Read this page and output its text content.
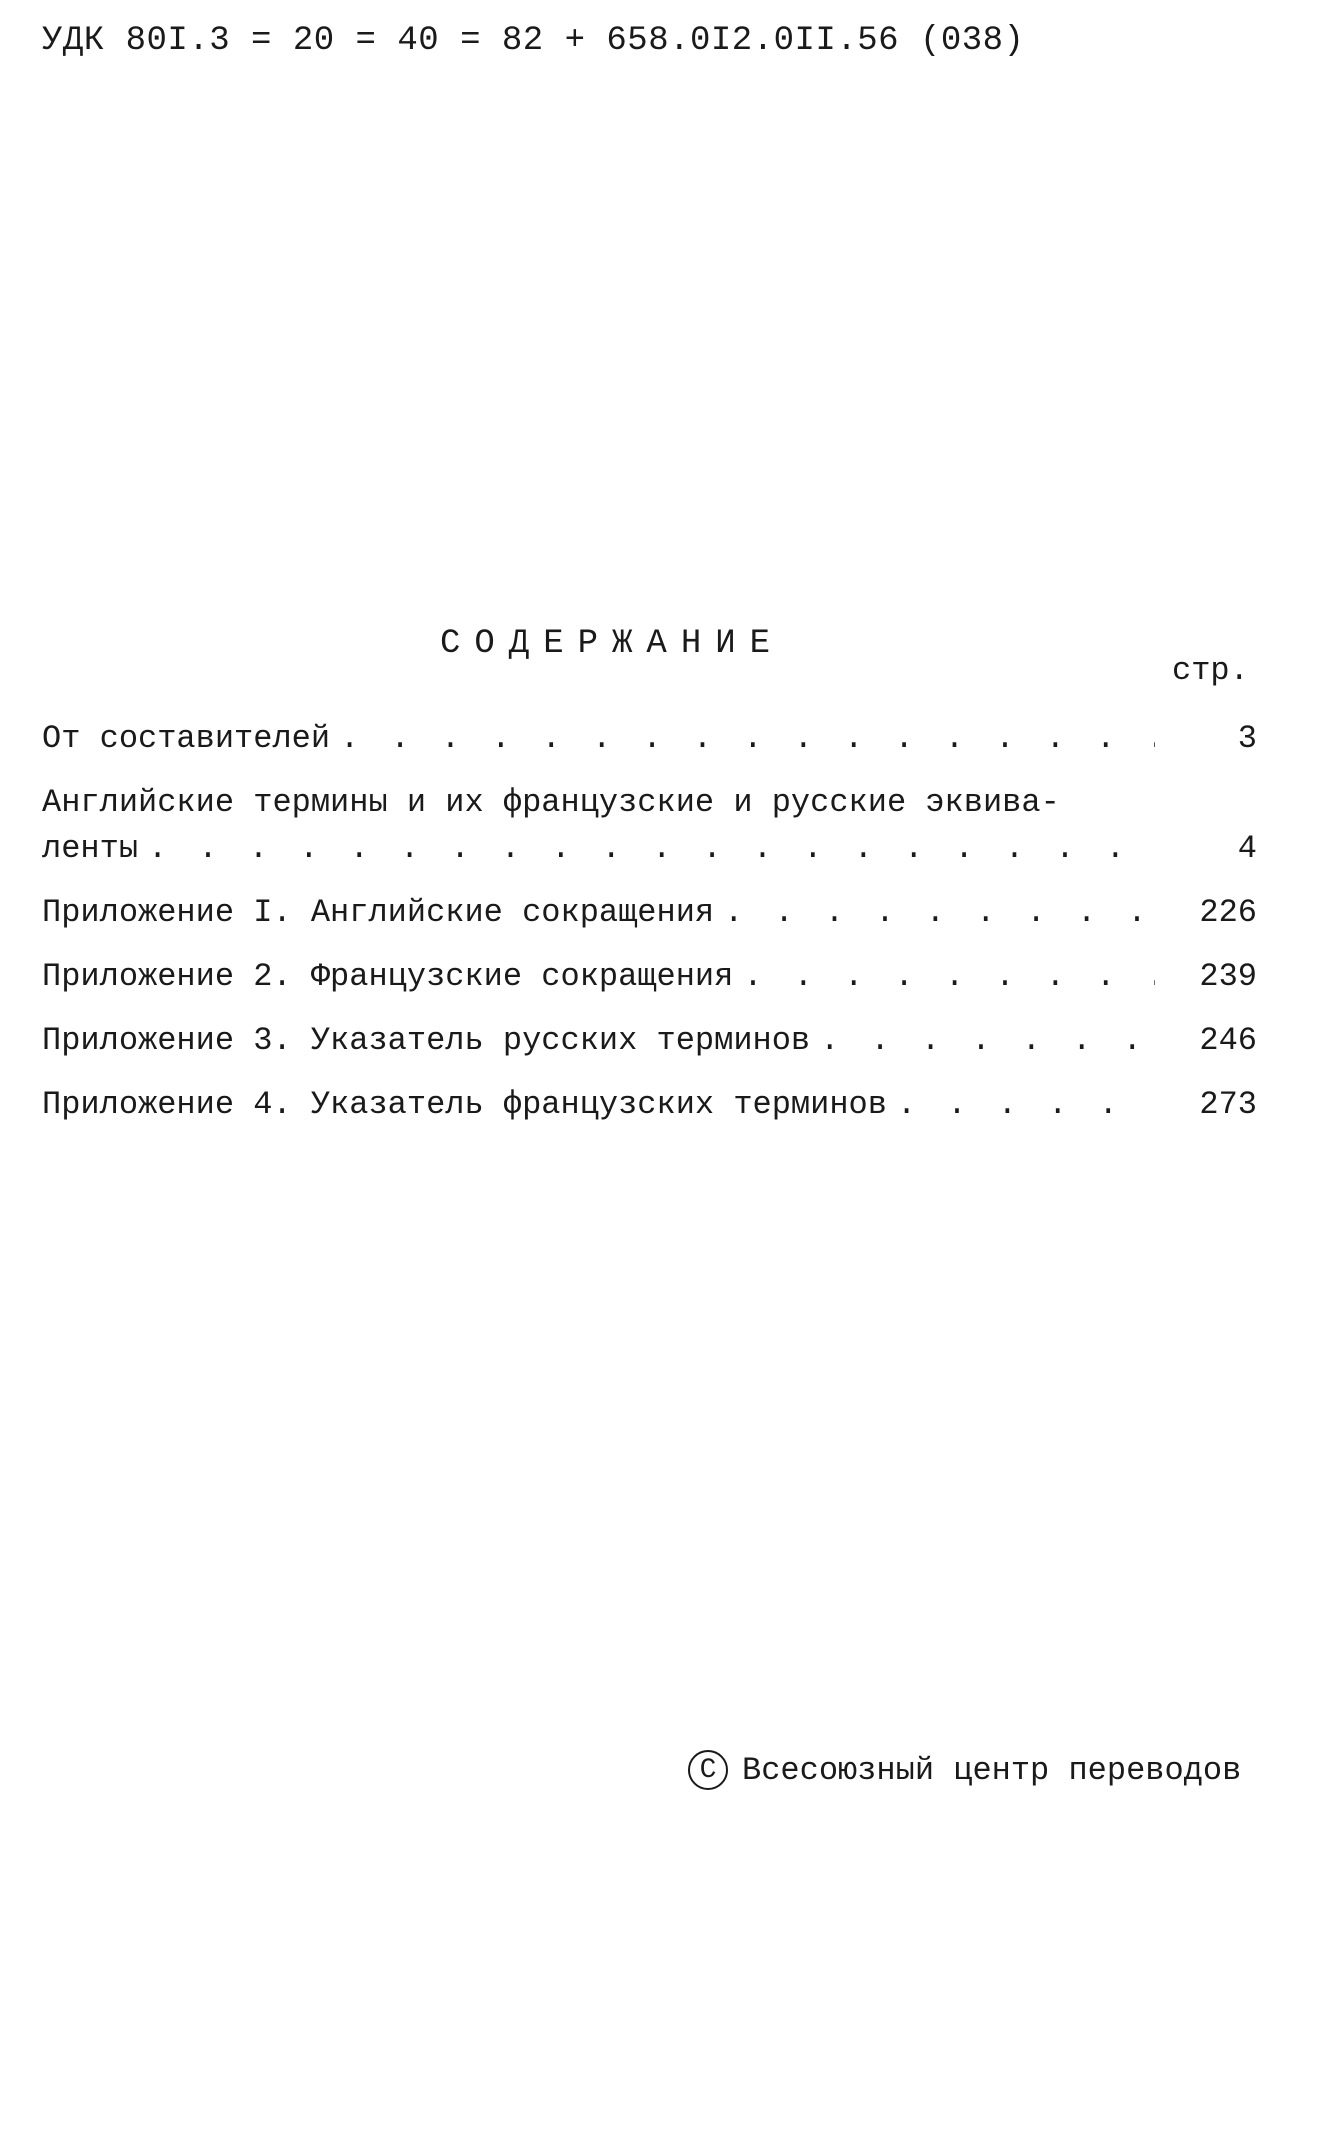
УДК 80I.3 = 20 = 40 = 82 + 658.0I2.0II.56 (038)
СОДЕРЖАНИЕ
стр.
От составителей . . .	3
Английские термины и их французские и русские эквива-
ленты . . .	4
Приложение I. Английские сокращения . . .	226
Приложение 2. Французские сокращения . . .	239
Приложение 3. Указатель русских терминов . . .	246
Приложение 4. Указатель французских терминов . . .	273
C Всесоюзный центр переводов
